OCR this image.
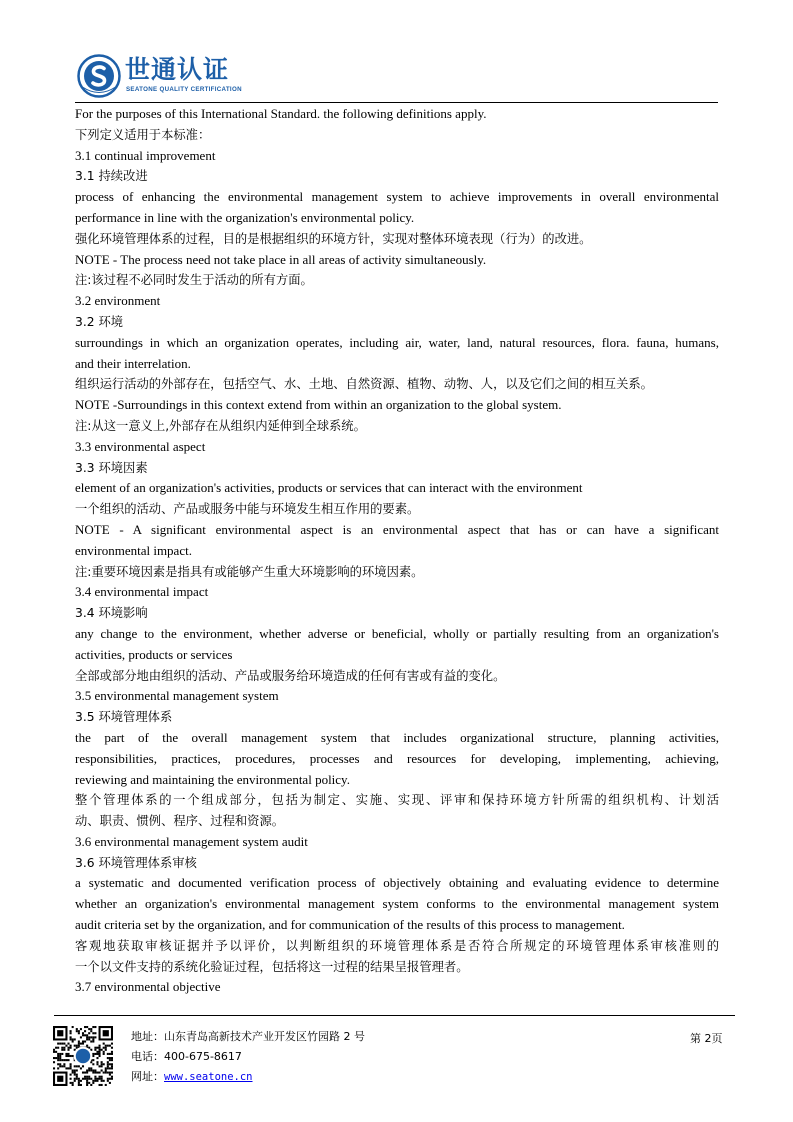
世通认证
SEATONE QUALITY CERTIFICATION
For the purposes of this International Standard. the following definitions apply.
下列定义适用于本标准：
3.1 continual improvement
3.1 持续改进
process of enhancing the environmental management system to achieve improvements in overall environmental
performance in line with the organization's environmental policy.
强化环境管理体系的过程，目的是根据组织的环境方针，实现对整体环境表现（行为）的改进。
NOTE - The process need not take place in all areas of activity simultaneously.
注:该过程不必同时发生于活动的所有方面。
3.2 environment
3.2 环境
surroundings in which an organization operates, including air, water, land, natural resources, flora. fauna, humans,
and their interrelation.
组织运行活动的外部存在，包括空气、水、土地、自然资源、植物、动物、人，以及它们之间的相互关系。
NOTE -Surroundings in this context extend from within an organization to the global system.
注:从这一意义上,外部存在从组织内延伸到全球系统。
3.3 environmental aspect
3.3 环境因素
element of an organization's activities, products or services that can interact with the environment
一个组织的活动、产品或服务中能与环境发生相互作用的要素。
NOTE - A significant environmental aspect is an environmental aspect that has or can have a significant
environmental impact.
注:重要环境因素是指具有或能够产生重大环境影响的环境因素。
3.4 environmental impact
3.4 环境影响
any change to the environment, whether adverse or beneficial, wholly or partially resulting from an organization's
activities, products or services
全部或部分地由组织的活动、产品或服务给环境造成的任何有害或有益的变化。
3.5 environmental management system
3.5 环境管理体系
the part of the overall management system that includes organizational structure, planning activities,
responsibilities, practices, procedures, processes and resources for developing, implementing, achieving,
reviewing and maintaining the environmental policy.
整个管理体系的一个组成部分，包括为制定、实施、实现、评审和保持环境方针所需的组织机构、计划活
动、职责、惯例、程序、过程和资源。
3.6 environmental management system audit
3.6 环境管理体系审核
a systematic and documented verification process of objectively obtaining and evaluating evidence to determine
whether an organization's environmental management system conforms to the environmental management system
audit criteria set by the organization, and for communication of the results of this process to management.
客观地获取审核证据并予以评价，以判断组织的环境管理体系是否符合所规定的环境管理体系审核准则的
一个以文件支持的系统化验证过程，包括将这一过程的结果呈报管理者。
3.7 environmental objective
地址：山东青岛高新技术产业开发区竹园路 2 号
电话：400-675-8617
网址：www.seatone.cn
第 2页
